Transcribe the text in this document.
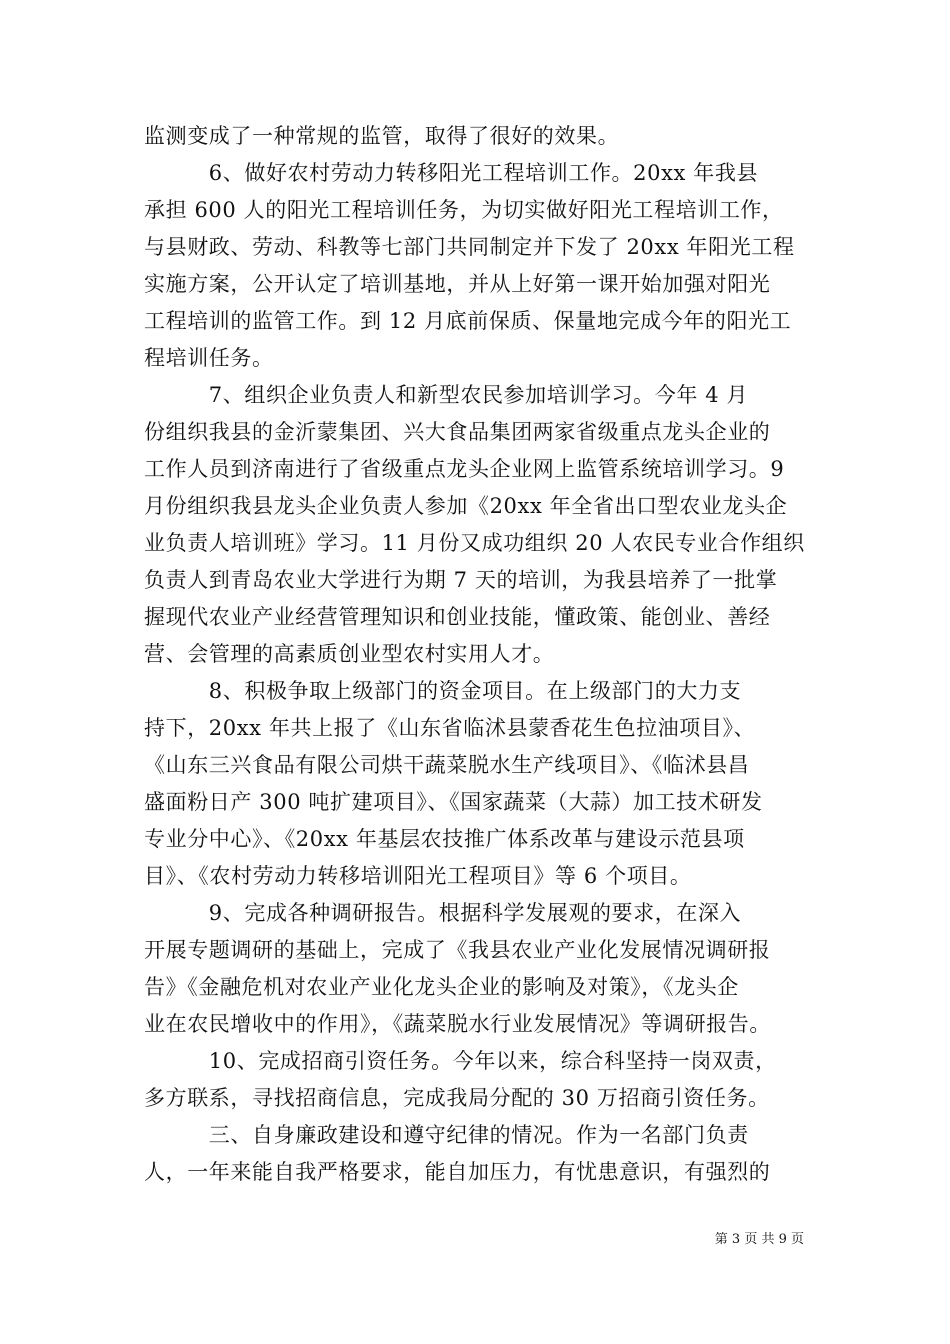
监测变成了一种常规的监管，取得了很好的效果。
　　　6、做好农村劳动力转移阳光工程培训工作。20xx 年我县
承担 600 人的阳光工程培训任务，为切实做好阳光工程培训工作，
与县财政、劳动、科教等七部门共同制定并下发了 20xx 年阳光工程
实施方案，公开认定了培训基地，并从上好第一课开始加强对阳光
工程培训的监管工作。到 12 月底前保质、保量地完成今年的阳光工
程培训任务。
　　　7、组织企业负责人和新型农民参加培训学习。今年 4 月
份组织我县的金沂蒙集团、兴大食品集团两家省级重点龙头企业的
工作人员到济南进行了省级重点龙头企业网上监管系统培训学习。9
月份组织我县龙头企业负责人参加《20xx 年全省出口型农业龙头企
业负责人培训班》学习。11 月份又成功组织 20 人农民专业合作组织
负责人到青岛农业大学进行为期 7 天的培训，为我县培养了一批掌
握现代农业产业经营管理知识和创业技能，懂政策、能创业、善经
营、会管理的高素质创业型农村实用人才。
　　　8、积极争取上级部门的资金项目。在上级部门的大力支
持下，20xx 年共上报了《山东省临沭县蒙香花生色拉油项目》、
《山东三兴食品有限公司烘干蔬菜脱水生产线项目》、《临沭县昌
盛面粉日产 300 吨扩建项目》、《国家蔬菜（大蒜）加工技术研发
专业分中心》、《20xx 年基层农技推广体系改革与建设示范县项
目》、《农村劳动力转移培训阳光工程项目》等 6 个项目。
　　　9、完成各种调研报告。根据科学发展观的要求，在深入
开展专题调研的基础上，完成了《我县农业产业化发展情况调研报
告》《金融危机对农业产业化龙头企业的影响及对策》，《龙头企
业在农民增收中的作用》，《蔬菜脱水行业发展情况》等调研报告。
　　　10、完成招商引资任务。今年以来，综合科坚持一岗双责，
多方联系，寻找招商信息，完成我局分配的 30 万招商引资任务。
　　　三、自身廉政建设和遵守纪律的情况。作为一名部门负责
人，一年来能自我严格要求，能自加压力，有忧患意识，有强烈的
第 3 页 共 9 页
